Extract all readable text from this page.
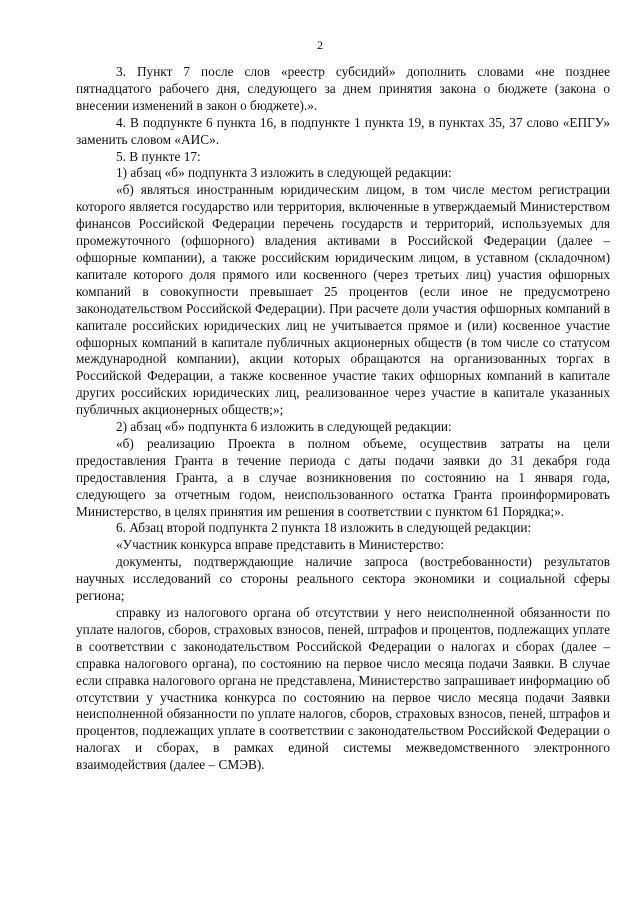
2

3. Пункт 7 после слов «реестр субсидий» дополнить словами «не позднее пятнадцатого рабочего дня, следующего за днем принятия закона о бюджете (закона о внесении изменений в закон о бюджете).».

4. В подпункте 6 пункта 16, в подпункте 1 пункта 19, в пунктах 35, 37 слово «ЕПГУ» заменить словом «АИС».

5. В пункте 17:

1) абзац «б» подпункта 3 изложить в следующей редакции:

«б) являться иностранным юридическим лицом, в том числе местом регистрации которого является государство или территория, включенные в утверждаемый Министерством финансов Российской Федерации перечень государств и территорий, используемых для промежуточного (офшорного) владения активами в Российской Федерации (далее – офшорные компании), а также российским юридическим лицом, в уставном (складочном) капитале которого доля прямого или косвенного (через третьих лиц) участия офшорных компаний в совокупности превышает 25 процентов (если иное не предусмотрено законодательством Российской Федерации). При расчете доли участия офшорных компаний в капитале российских юридических лиц не учитывается прямое и (или) косвенное участие офшорных компаний в капитале публичных акционерных обществ (в том числе со статусом международной компании), акции которых обращаются на организованных торгах в Российской Федерации, а также косвенное участие таких офшорных компаний в капитале других российских юридических лиц, реализованное через участие в капитале указанных публичных акционерных обществ;»;

2) абзац «б» подпункта 6 изложить в следующей редакции:

«б) реализацию Проекта в полном объеме, осуществив затраты на цели предоставления Гранта в течение периода с даты подачи заявки до 31 декабря года предоставления Гранта, а в случае возникновения по состоянию на 1 января года, следующего за отчетным годом, неиспользованного остатка Гранта проинформировать Министерство, в целях принятия им решения в соответствии с пунктом 61 Порядка;».

6. Абзац второй подпункта 2 пункта 18 изложить в следующей редакции:

«Участник конкурса вправе представить в Министерство:

документы, подтверждающие наличие запроса (востребованности) результатов научных исследований со стороны реального сектора экономики и социальной сферы региона;

справку из налогового органа об отсутствии у него неисполненной обязанности по уплате налогов, сборов, страховых взносов, пеней, штрафов и процентов, подлежащих уплате в соответствии с законодательством Российской Федерации о налогах и сборах (далее – справка налогового органа), по состоянию на первое число месяца подачи Заявки. В случае если справка налогового органа не представлена, Министерство запрашивает информацию об отсутствии у участника конкурса по состоянию на первое число месяца подачи Заявки неисполненной обязанности по уплате налогов, сборов, страховых взносов, пеней, штрафов и процентов, подлежащих уплате в соответствии с законодательством Российской Федерации о налогах и сборах, в рамках единой системы межведомственного электронного взаимодействия (далее – СМЭВ).
